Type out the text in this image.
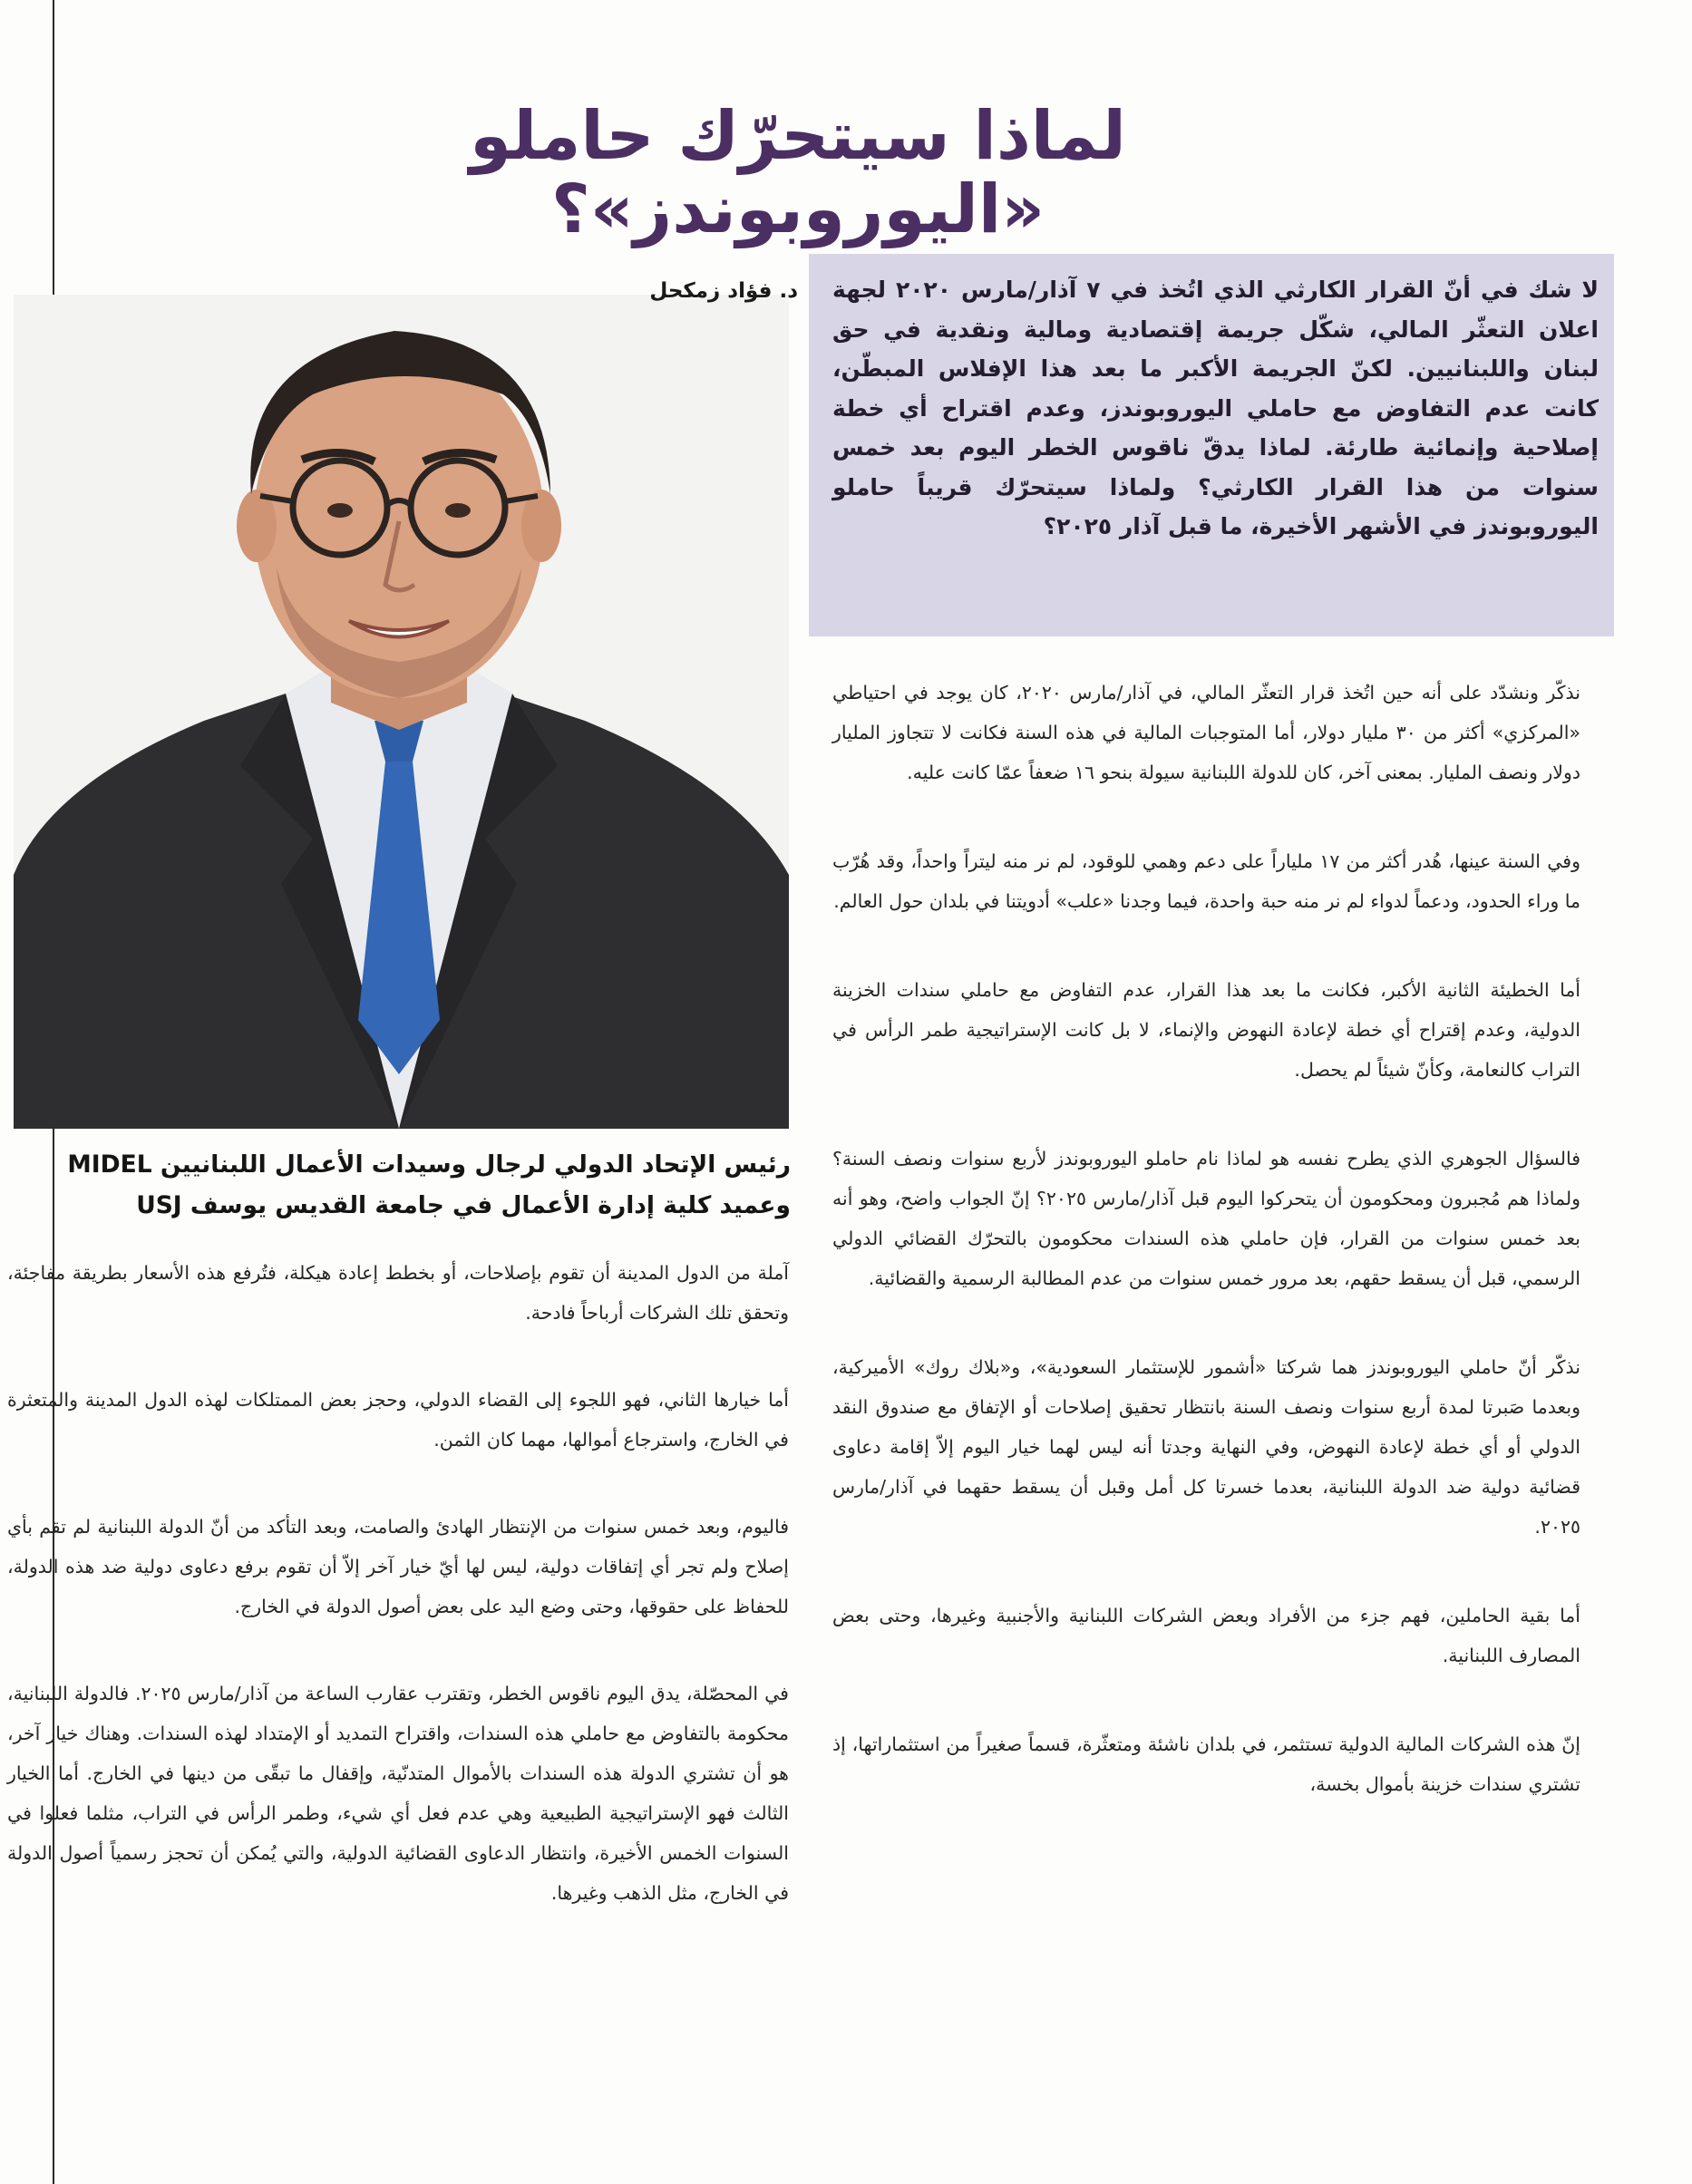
لماذا سيتحرّك حاملو «اليوروبوندز»؟
د. فؤاد زمكحل
رئيس الإتحاد الدولي لرجال وسيدات الأعمال اللبنانيين MIDEL
وعميد كلية إدارة الأعمال في جامعة القديس يوسف USJ
لا شك في أنّ القرار الكارثي الذي اتُخذ في ٧ آذار/مارس ٢٠٢٠ لجهة اعلان التعثّر المالي، شكّل جريمة إقتصادية ومالية ونقدية في حق لبنان واللبنانيين. لكنّ الجريمة الأكبر ما بعد هذا الإفلاس المبطّن، كانت عدم التفاوض مع حاملي اليوروبوندز، وعدم اقتراح أي خطة إصلاحية وإنمائية طارئة. لماذا يدقّ ناقوس الخطر اليوم بعد خمس سنوات من هذا القرار الكارثي؟ ولماذا سيتحرّك قريباً حاملو اليوروبوندز في الأشهر الأخيرة، ما قبل آذار ٢٠٢٥؟

نذكّر ونشدّد على أنه حين اتُخذ قرار التعثّر المالي، في آذار/مارس ٢٠٢٠، كان يوجد في احتياطي «المركزي» أكثر من ٣٠ مليار دولار، أما المتوجبات المالية في هذه السنة فكانت لا تتجاوز المليار دولار ونصف المليار. بمعنى آخر، كان للدولة اللبنانية سيولة بنحو ١٦ ضعفاً عمّا كانت عليه.

وفي السنة عينها، هُدر أكثر من ١٧ ملياراً على دعم وهمي للوقود، لم نر منه ليتراً واحداً، وقد هُرّب ما وراء الحدود، ودعماً لدواء لم نر منه حبة واحدة، فيما وجدنا «علب» أدويتنا في بلدان حول العالم.

أما الخطيئة الثانية الأكبر، فكانت ما بعد هذا القرار، عدم التفاوض مع حاملي سندات الخزينة الدولية، وعدم إقتراح أي خطة لإعادة النهوض والإنماء، لا بل كانت الإستراتيجية طمر الرأس في التراب كالنعامة، وكأنّ شيئاً لم يحصل.

فالسؤال الجوهري الذي يطرح نفسه هو لماذا نام حاملو اليوروبوندز لأربع سنوات ونصف السنة؟ ولماذا هم مُجبرون ومحكومون أن يتحركوا اليوم قبل آذار/مارس ٢٠٢٥؟ إنّ الجواب واضح، وهو أنه بعد خمس سنوات من القرار، فإن حاملي هذه السندات محكومون بالتحرّك القضائي الدولي الرسمي، قبل أن يسقط حقهم، بعد مرور خمس سنوات من عدم المطالبة الرسمية والقضائية.

نذكّر أنّ حاملي اليوروبوندز هما شركتا «أشمور للإستثمار السعودية»، و«بلاك روك» الأميركية، وبعدما صَبرتا لمدة أربع سنوات ونصف السنة بانتظار تحقيق إصلاحات أو الإتفاق مع صندوق النقد الدولي أو أي خطة لإعادة النهوض، وفي النهاية وجدتا أنه ليس لهما خيار اليوم إلاّ إقامة دعاوى قضائية دولية ضد الدولة اللبنانية، بعدما خسرتا كل أمل وقبل أن يسقط حقهما في آذار/مارس ٢٠٢٥.

أما بقية الحاملين، فهم جزء من الأفراد وبعض الشركات اللبنانية والأجنبية وغيرها، وحتى بعض المصارف اللبنانية.

إنّ هذه الشركات المالية الدولية تستثمر، في بلدان ناشئة ومتعثّرة، قسماً صغيراً من استثماراتها، إذ تشتري سندات خزينة بأموال بخسة،

آملة من الدول المدينة أن تقوم بإصلاحات، أو بخطط إعادة هيكلة، فتُرفع هذه الأسعار بطريقة مفاجئة، وتحقق تلك الشركات أرباحاً فادحة.

أما خيارها الثاني، فهو اللجوء إلى القضاء الدولي، وحجز بعض الممتلكات لهذه الدول المدينة والمتعثرة في الخارج، واسترجاع أموالها، مهما كان الثمن.

فاليوم، وبعد خمس سنوات من الإنتظار الهادئ والصامت، وبعد التأكد من أنّ الدولة اللبنانية لم تقم بأي إصلاح ولم تجر أي إتفاقات دولية، ليس لها أيّ خيار آخر إلاّ أن تقوم برفع دعاوى دولية ضد هذه الدولة، للحفاظ على حقوقها، وحتى وضع اليد على بعض أصول الدولة في الخارج.

في المحصّلة، يدق اليوم ناقوس الخطر، وتقترب عقارب الساعة من آذار/مارس ٢٠٢٥. فالدولة اللبنانية، محكومة بالتفاوض مع حاملي هذه السندات، واقتراح التمديد أو الإمتداد لهذه السندات. وهناك خيار آخر، هو أن تشتري الدولة هذه السندات بالأموال المتدنّية، وإقفال ما تبقّى من دينها في الخارج. أما الخيار الثالث فهو الإستراتيجية الطبيعية وهي عدم فعل أي شيء، وطمر الرأس في التراب، مثلما فعلوا في السنوات الخمس الأخيرة، وانتظار الدعاوى القضائية الدولية، والتي يُمكن أن تحجز رسمياً أصول الدولة في الخارج، مثل الذهب وغيرها.
